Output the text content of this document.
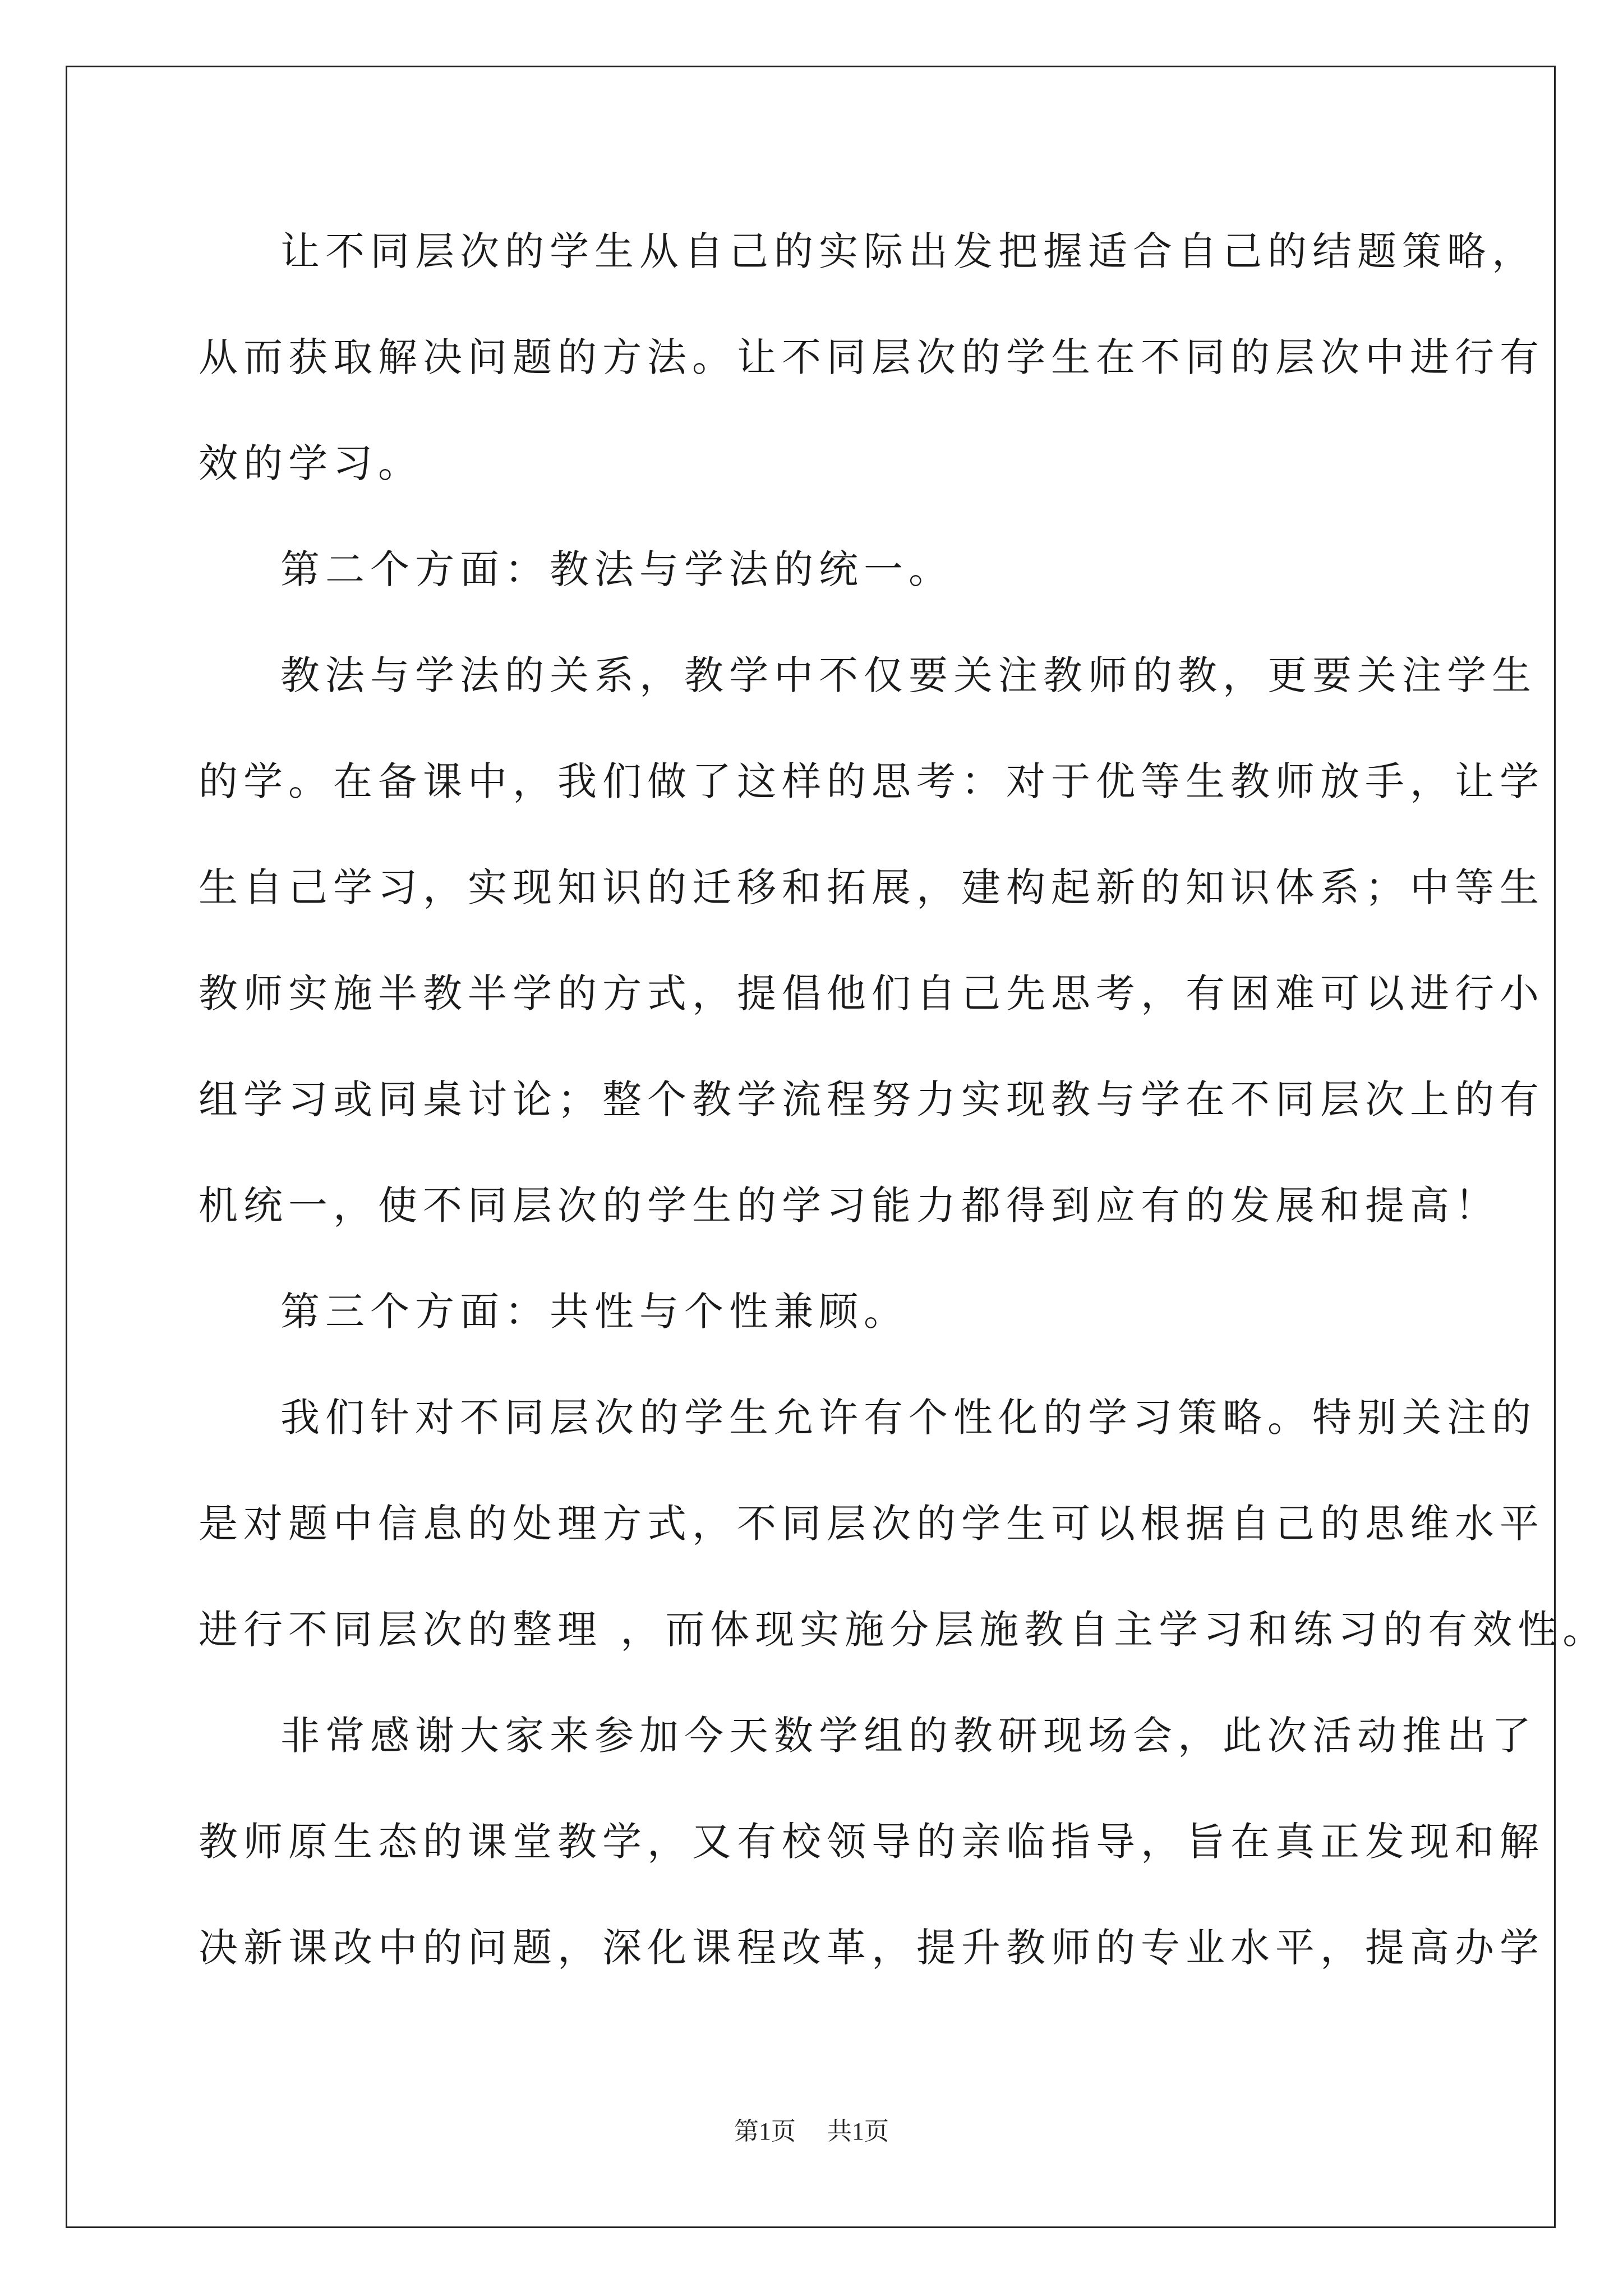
让不同层次的学生从自己的实际出发把握适合自己的结题策略，
从而获取解决问题的方法。让不同层次的学生在不同的层次中进行有
效的学习。
第二个方面：教法与学法的统一。
教法与学法的关系，教学中不仅要关注教师的教，更要关注学生
的学。在备课中，我们做了这样的思考：对于优等生教师放手，让学
生自己学习，实现知识的迁移和拓展，建构起新的知识体系；中等生
教师实施半教半学的方式，提倡他们自己先思考，有困难可以进行小
组学习或同桌讨论；整个教学流程努力实现教与学在不同层次上的有
机统一，使不同层次的学生的学习能力都得到应有的发展和提高！
第三个方面：共性与个性兼顾。
我们针对不同层次的学生允许有个性化的学习策略。特别关注的
是对题中信息的处理方式，不同层次的学生可以根据自己的思维水平
进行不同层次的整理 ，而体现实施分层施教自主学习和练习的有效性。
非常感谢大家来参加今天数学组的教研现场会，此次活动推出了
教师原生态的课堂教学，又有校领导的亲临指导，旨在真正发现和解
决新课改中的问题，深化课程改革，提升教师的专业水平，提高办学
第1页 共1页
